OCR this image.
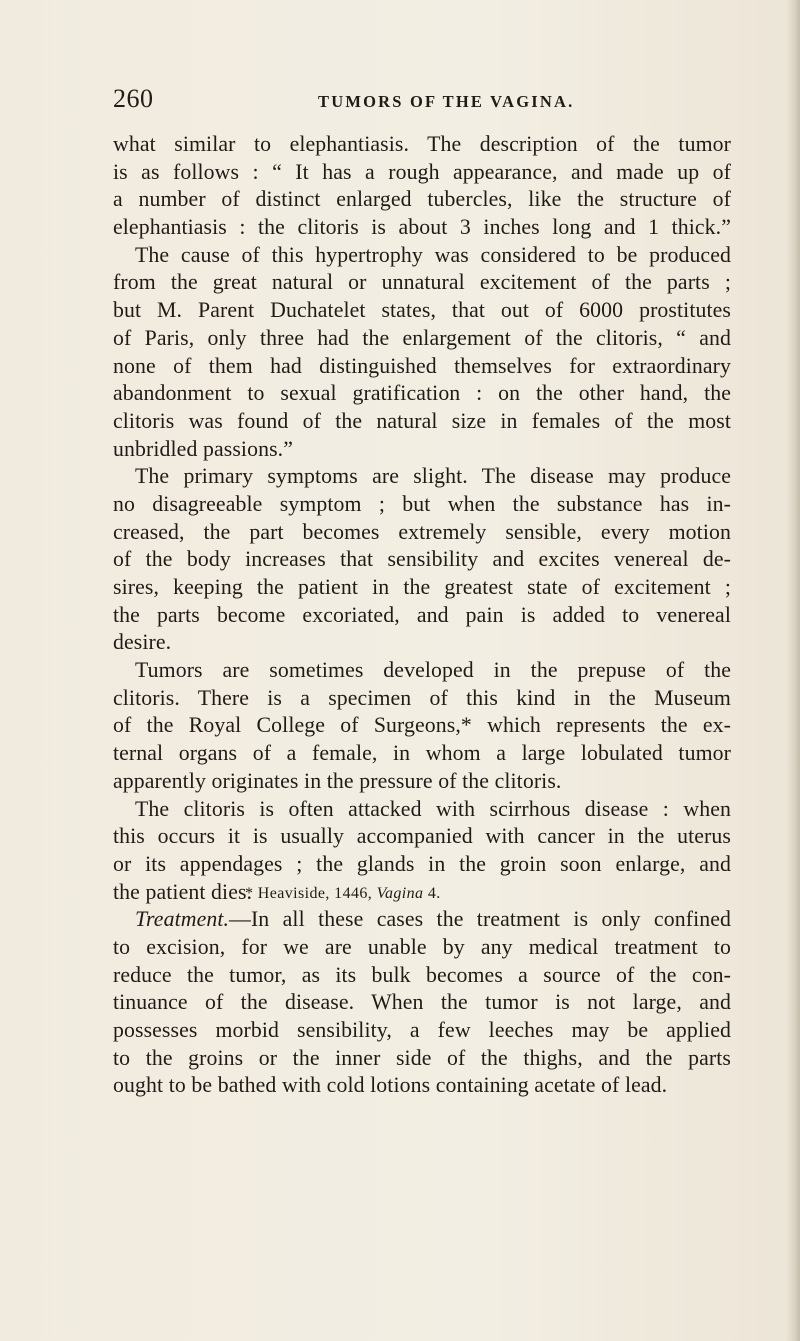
260	TUMORS OF THE VAGINA.
what similar to elephantiasis. The description of the tumor
is as follows : “ It has a rough appearance, and made up of
a number of distinct enlarged tubercles, like the structure of
elephantiasis : the clitoris is about 3 inches long and 1 thick.”
The cause of this hypertrophy was considered to be produced
from the great natural or unnatural excitement of the parts ;
but M. Parent Duchatelet states, that out of 6000 prostitutes
of Paris, only three had the enlargement of the clitoris, “ and
none of them had distinguished themselves for extraordinary
abandonment to sexual gratification : on the other hand, the
clitoris was found of the natural size in females of the most
unbridled passions.”
The primary symptoms are slight. The disease may produce
no disagreeable symptom ; but when the substance has in-
creased, the part becomes extremely sensible, every motion
of the body increases that sensibility and excites venereal de-
sires, keeping the patient in the greatest state of excitement ;
the parts become excoriated, and pain is added to venereal
desire.
Tumors are sometimes developed in the prepuse of the
clitoris. There is a specimen of this kind in the Museum
of the Royal College of Surgeons,* which represents the ex-
ternal organs of a female, in whom a large lobulated tumor
apparently originates in the pressure of the clitoris.
The clitoris is often attacked with scirrhous disease : when
this occurs it is usually accompanied with cancer in the uterus
or its appendages ; the glands in the groin soon enlarge, and
the patient dies.
Treatment.—In all these cases the treatment is only confined
to excision, for we are unable by any medical treatment to
reduce the tumor, as its bulk becomes a source of the con-
tinuance of the disease. When the tumor is not large, and
possesses morbid sensibility, a few leeches may be applied
to the groins or the inner side of the thighs, and the parts
ought to be bathed with cold lotions containing acetate of lead.
* Heaviside, 1446, Vagina 4.
